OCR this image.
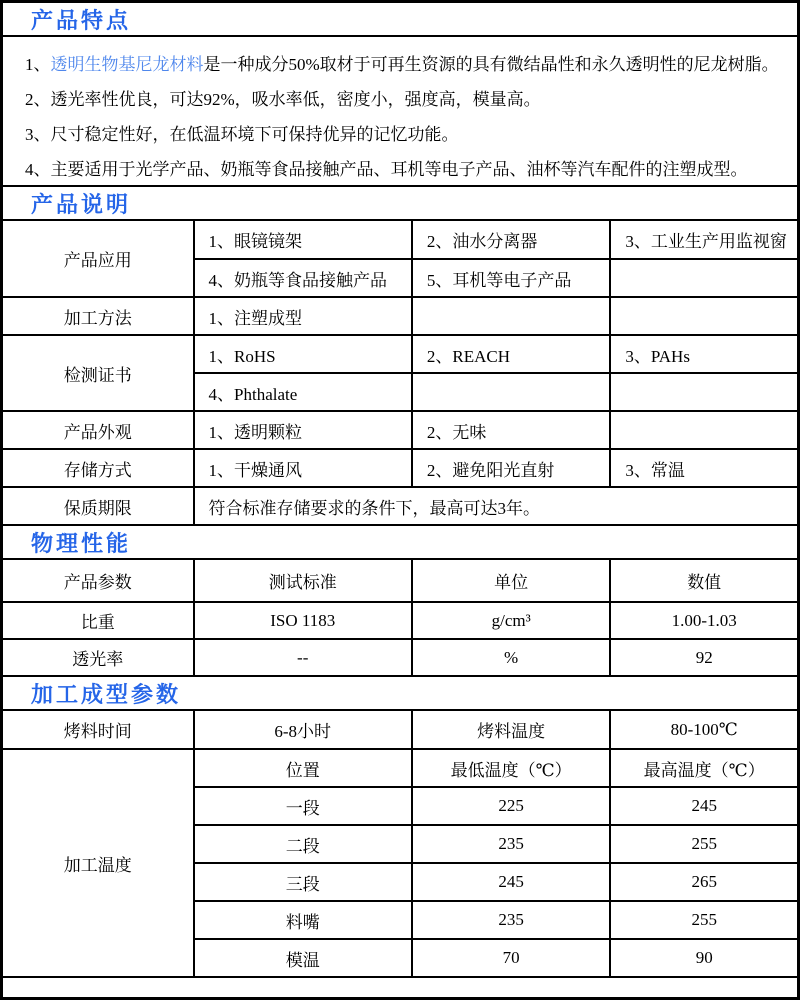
产品特点
1、透明生物基尼龙材料是一种成分50%取材于可再生资源的具有微结晶性和永久透明性的尼龙树脂。
2、透光率性优良，可达92%，吸水率低，密度小，强度高，模量高。
3、尺寸稳定性好，在低温环境下可保持优异的记忆功能。
4、主要适用于光学产品、奶瓶等食品接触产品、耳机等电子产品、油杯等汽车配件的注塑成型。
产品说明
产品应用	1、眼镜镜架	2、油水分离器	3、工业生产用监视窗
	4、奶瓶等食品接触产品	5、耳机等电子产品	
加工方法	1、注塑成型		
检测证书	1、RoHS	2、REACH	3、PAHs
	4、Phthalate		
产品外观	1、透明颗粒	2、无味	
存储方式	1、干燥通风	2、避免阳光直射	3、常温
保质期限	符合标准存储要求的条件下，最高可达3年。		
物理性能
产品参数	测试标准	单位	数值
比重	ISO 1183	g/cm³	1.00-1.03
透光率	--	%	92
加工成型参数
烤料时间	6-8小时	烤料温度	80-100℃
加工温度	位置	最低温度（℃）	最高温度（℃）
	一段	225	245
	二段	235	255
	三段	245	265
	料嘴	235	255
	模温	70	90
